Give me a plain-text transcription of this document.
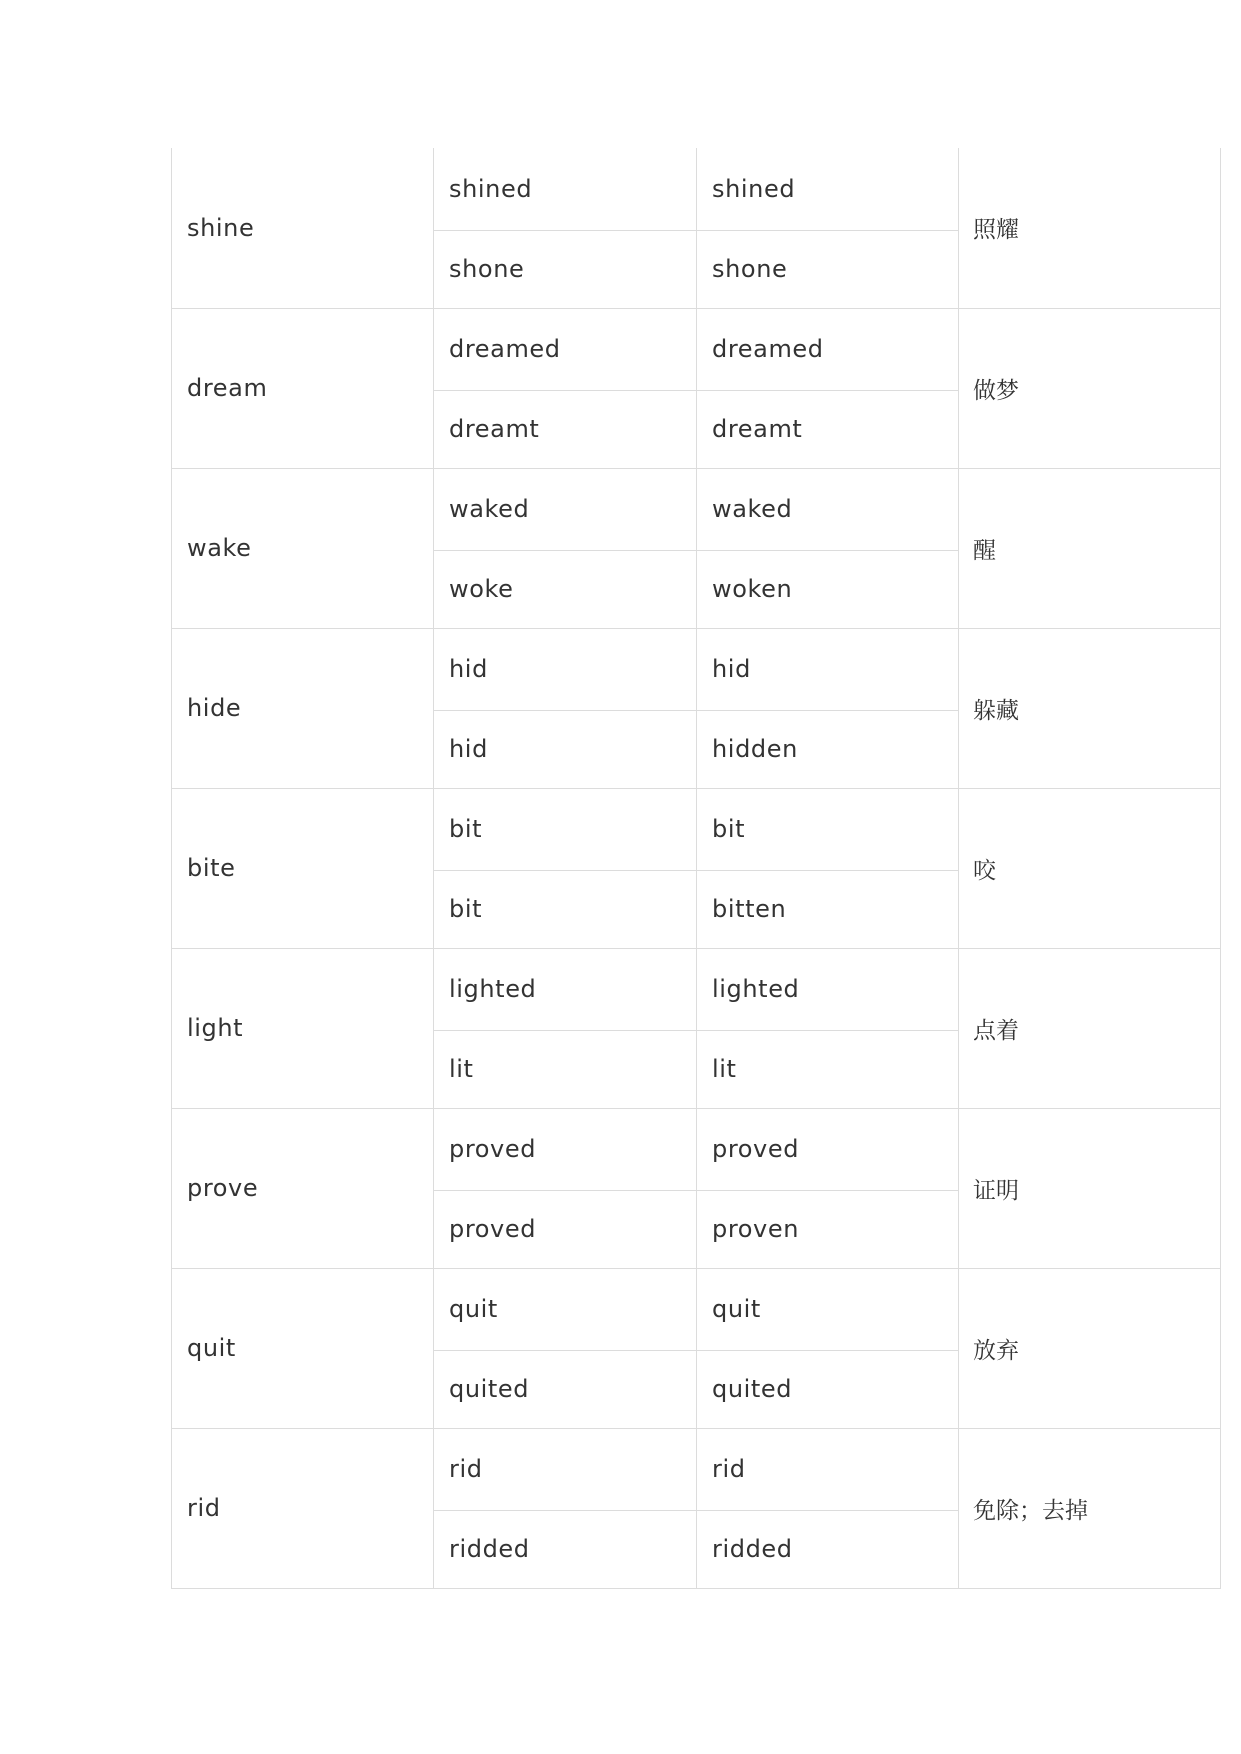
shine	shined	shined	照耀
	shone	shone	
dream	dreamed	dreamed	做梦
	dreamt	dreamt	
wake	waked	waked	醒
	woke	woken	
hide	hid	hid	躲藏
	hid	hidden	
bite	bit	bit	咬
	bit	bitten	
light	lighted	lighted	点着
	lit	lit	
prove	proved	proved	证明
	proved	proven	
quit	quit	quit	放弃
	quited	quited	
rid	rid	rid	免除；去掉
	ridded	ridded	
